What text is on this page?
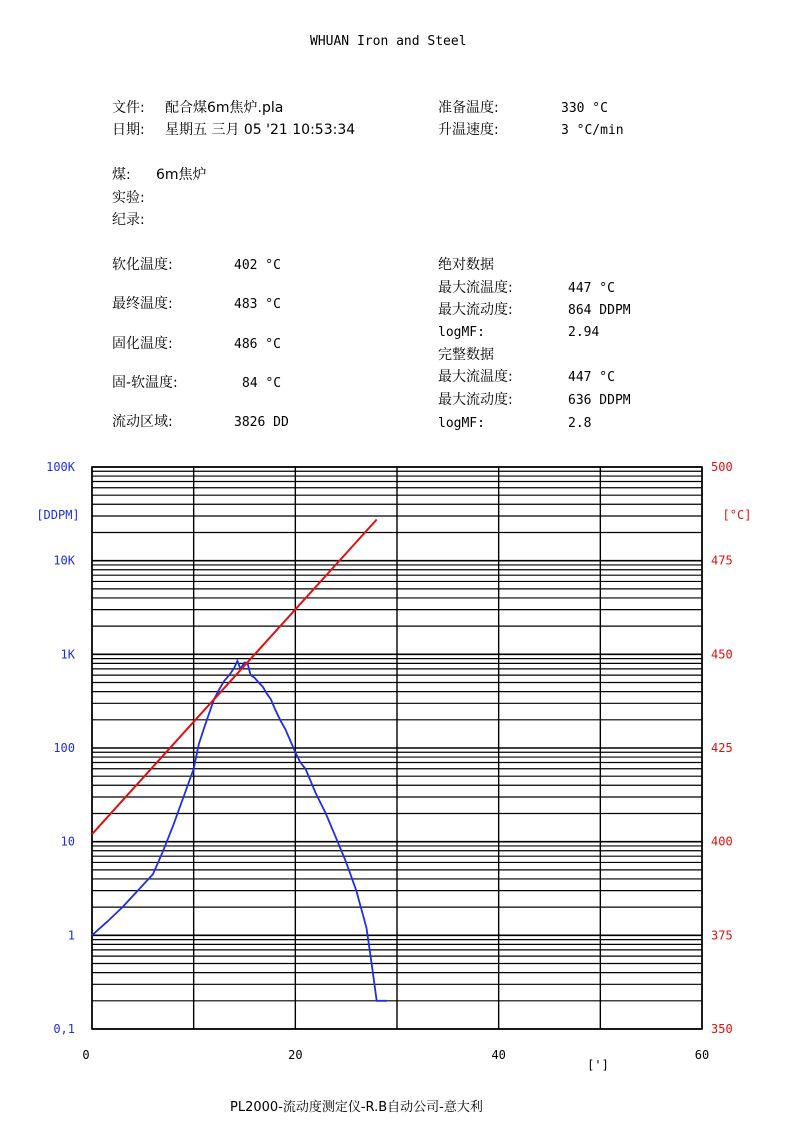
WHUAN Iron and Steel
文件: 配合煤6m焦炉.pla
日期: 星期五 三月 05 '21 10:53:34
准备温度:	330 °C
升温速度:	3 °C/min
煤: 6m焦炉
实验:
纪录:
软化温度:	402 °C
最终温度:	483 °C
固化温度:	486 °C
固-软温度:	84 °C
流动区域:	3826 DD
绝对数据
最大流温度:	447 °C
最大流动度:	864 DDPM
logMF:	2.94
完整数据
最大流温度:	447 °C
最大流动度:	636 DDPM
logMF:	2.8
0,1
1
10
100
1K
10K
100K
350
375
400
425
450
475
500
0	20	40	60
[DDPM]	[°C]
[']
PL2000-流动度测定仪-R.B自动公司-意大利
